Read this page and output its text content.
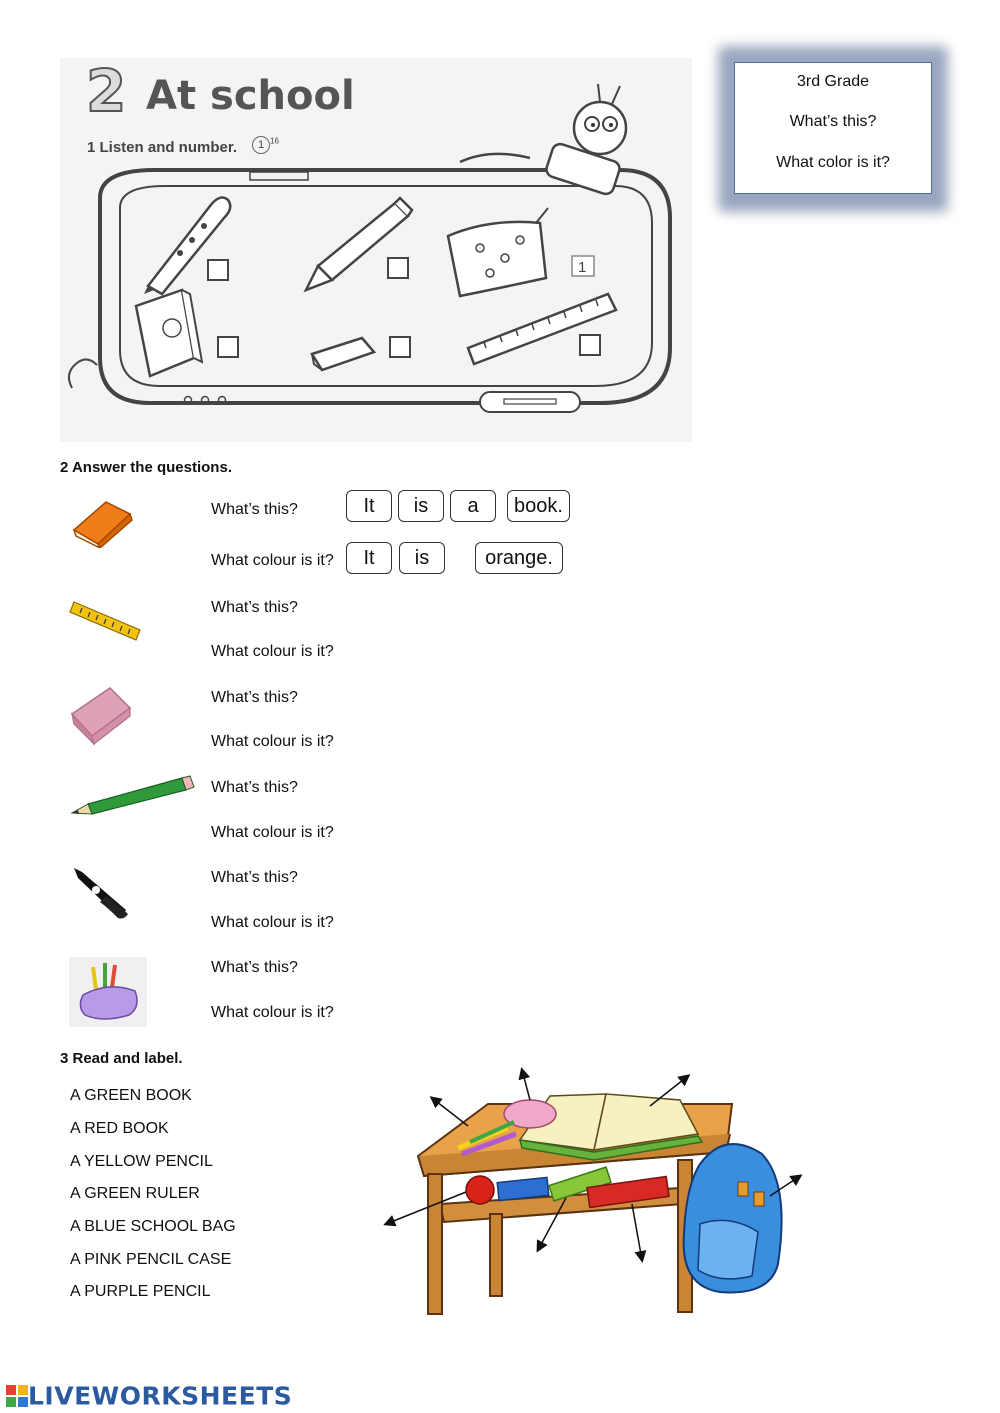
1
2 At school
1 Listen and number.	1 $^{16}$
3rd Grade
What’s this?
What color is it?
2 Answer the questions.
What’s this?
What colour is it?
It	is	a	book.
It	is	orange.
What’s this?
What colour is it?
What’s this?
What colour is it?
What’s this?
What colour is it?
What’s this?
What colour is it?
What’s this?
What colour is it?
3 Read and label.
A GREEN BOOK
A RED BOOK
A YELLOW PENCIL
A GREEN RULER
A BLUE SCHOOL BAG
A PINK PENCIL CASE
A PURPLE PENCIL
LIVEWORKSHEETS
